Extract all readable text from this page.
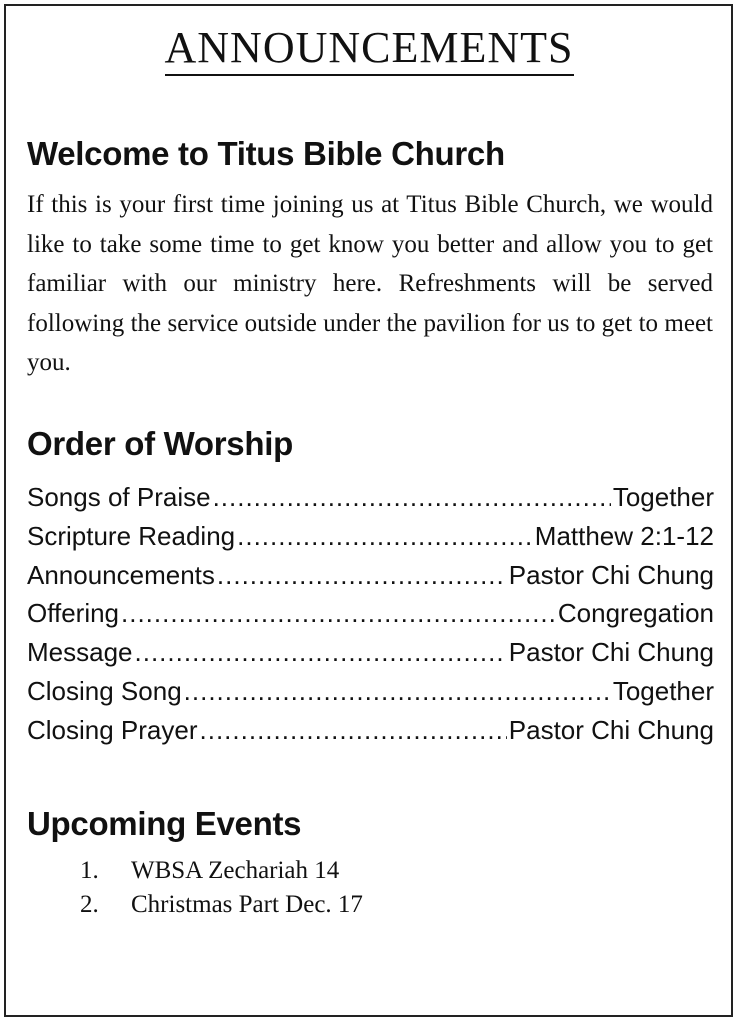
ANNOUNCEMENTS
Welcome to Titus Bible Church

If this is your first time joining us at Titus Bible Church, we would like to take some time to get know you better and allow you to get familiar with our ministry here. Refreshments will be served following the service outside under the pavilion for us to get to meet you.

Order of Worship
Songs of Praise .....	Together
Scripture Reading .....	Matthew 2:1-12
Announcements .....	Pastor Chi Chung
Offering .....	Congregation
Message .....	Pastor Chi Chung
Closing Song .....	Together
Closing Prayer .....	Pastor Chi Chung
Upcoming Events
1.	WBSA Zechariah 14
2.	Christmas Part Dec. 17
